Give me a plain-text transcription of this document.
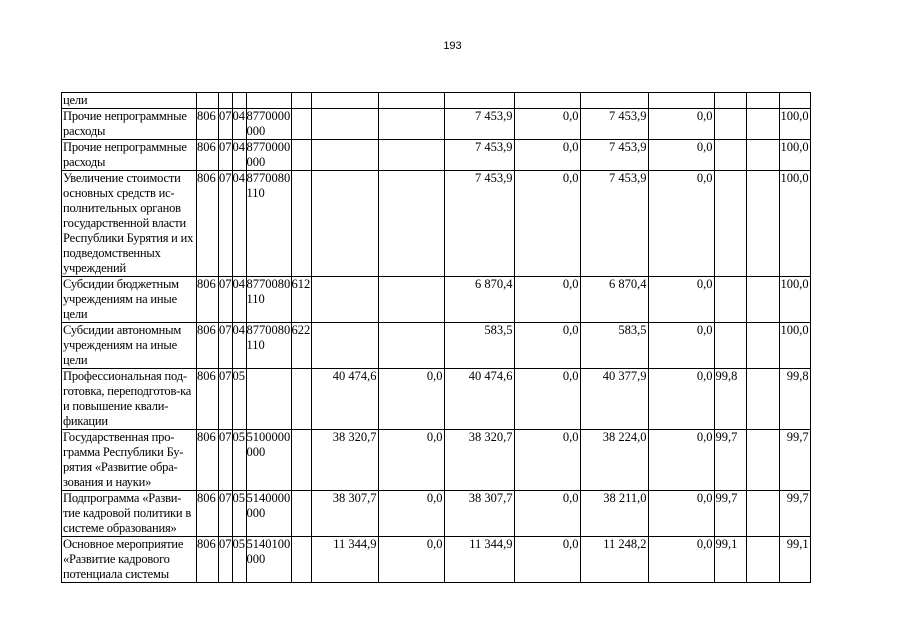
193
цели														
Прочие непрограммные расходы	806	07	04	8770000000				7 453,9	0,0	7 453,9	0,0			100,0
Прочие непрограммные расходы	806	07	04	8770000000				7 453,9	0,0	7 453,9	0,0			100,0
Увеличение стоимости основных средств ис-полнительных органов государственной власти Республики Бурятия и их подведомственных учреждений	806	07	04	8770080110				7 453,9	0,0	7 453,9	0,0			100,0
Субсидии бюджетным учреждениям на иные цели	806	07	04	8770080110	612			6 870,4	0,0	6 870,4	0,0			100,0
Субсидии автономным учреждениям на иные цели	806	07	04	8770080110	622			583,5	0,0	583,5	0,0			100,0
Профессиональная под-готовка, переподготов-ка и повышение квали-фикации	806	07	05			40 474,6	0,0	40 474,6	0,0	40 377,9	0,0	99,8		99,8
Государственная про-грамма Республики Бу-рятия «Развитие обра-зования и науки»	806	07	05	5100000000		38 320,7	0,0	38 320,7	0,0	38 224,0	0,0	99,7		99,7
Подпрограмма «Разви-тие кадровой политики в системе образования»	806	07	05	5140000000		38 307,7	0,0	38 307,7	0,0	38 211,0	0,0	99,7		99,7
Основное мероприятие «Развитие кадрового потенциала системы	806	07	05	5140100000		11 344,9	0,0	11 344,9	0,0	11 248,2	0,0	99,1		99,1
